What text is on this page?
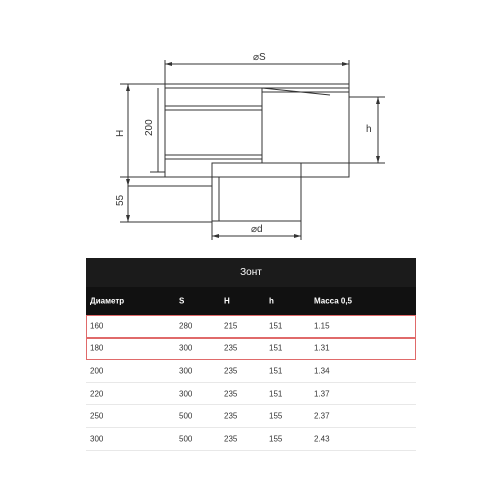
⌀S
⌀d
H 200	h
55
Зонт
Диаметр	S	H	h	Масса 0,5
160	280	215	151	1.15
180	300	235	151	1.31
200	300	235	151	1.34
220	300	235	151	1.37
250	500	235	155	2.37
300	500	235	155	2.43
